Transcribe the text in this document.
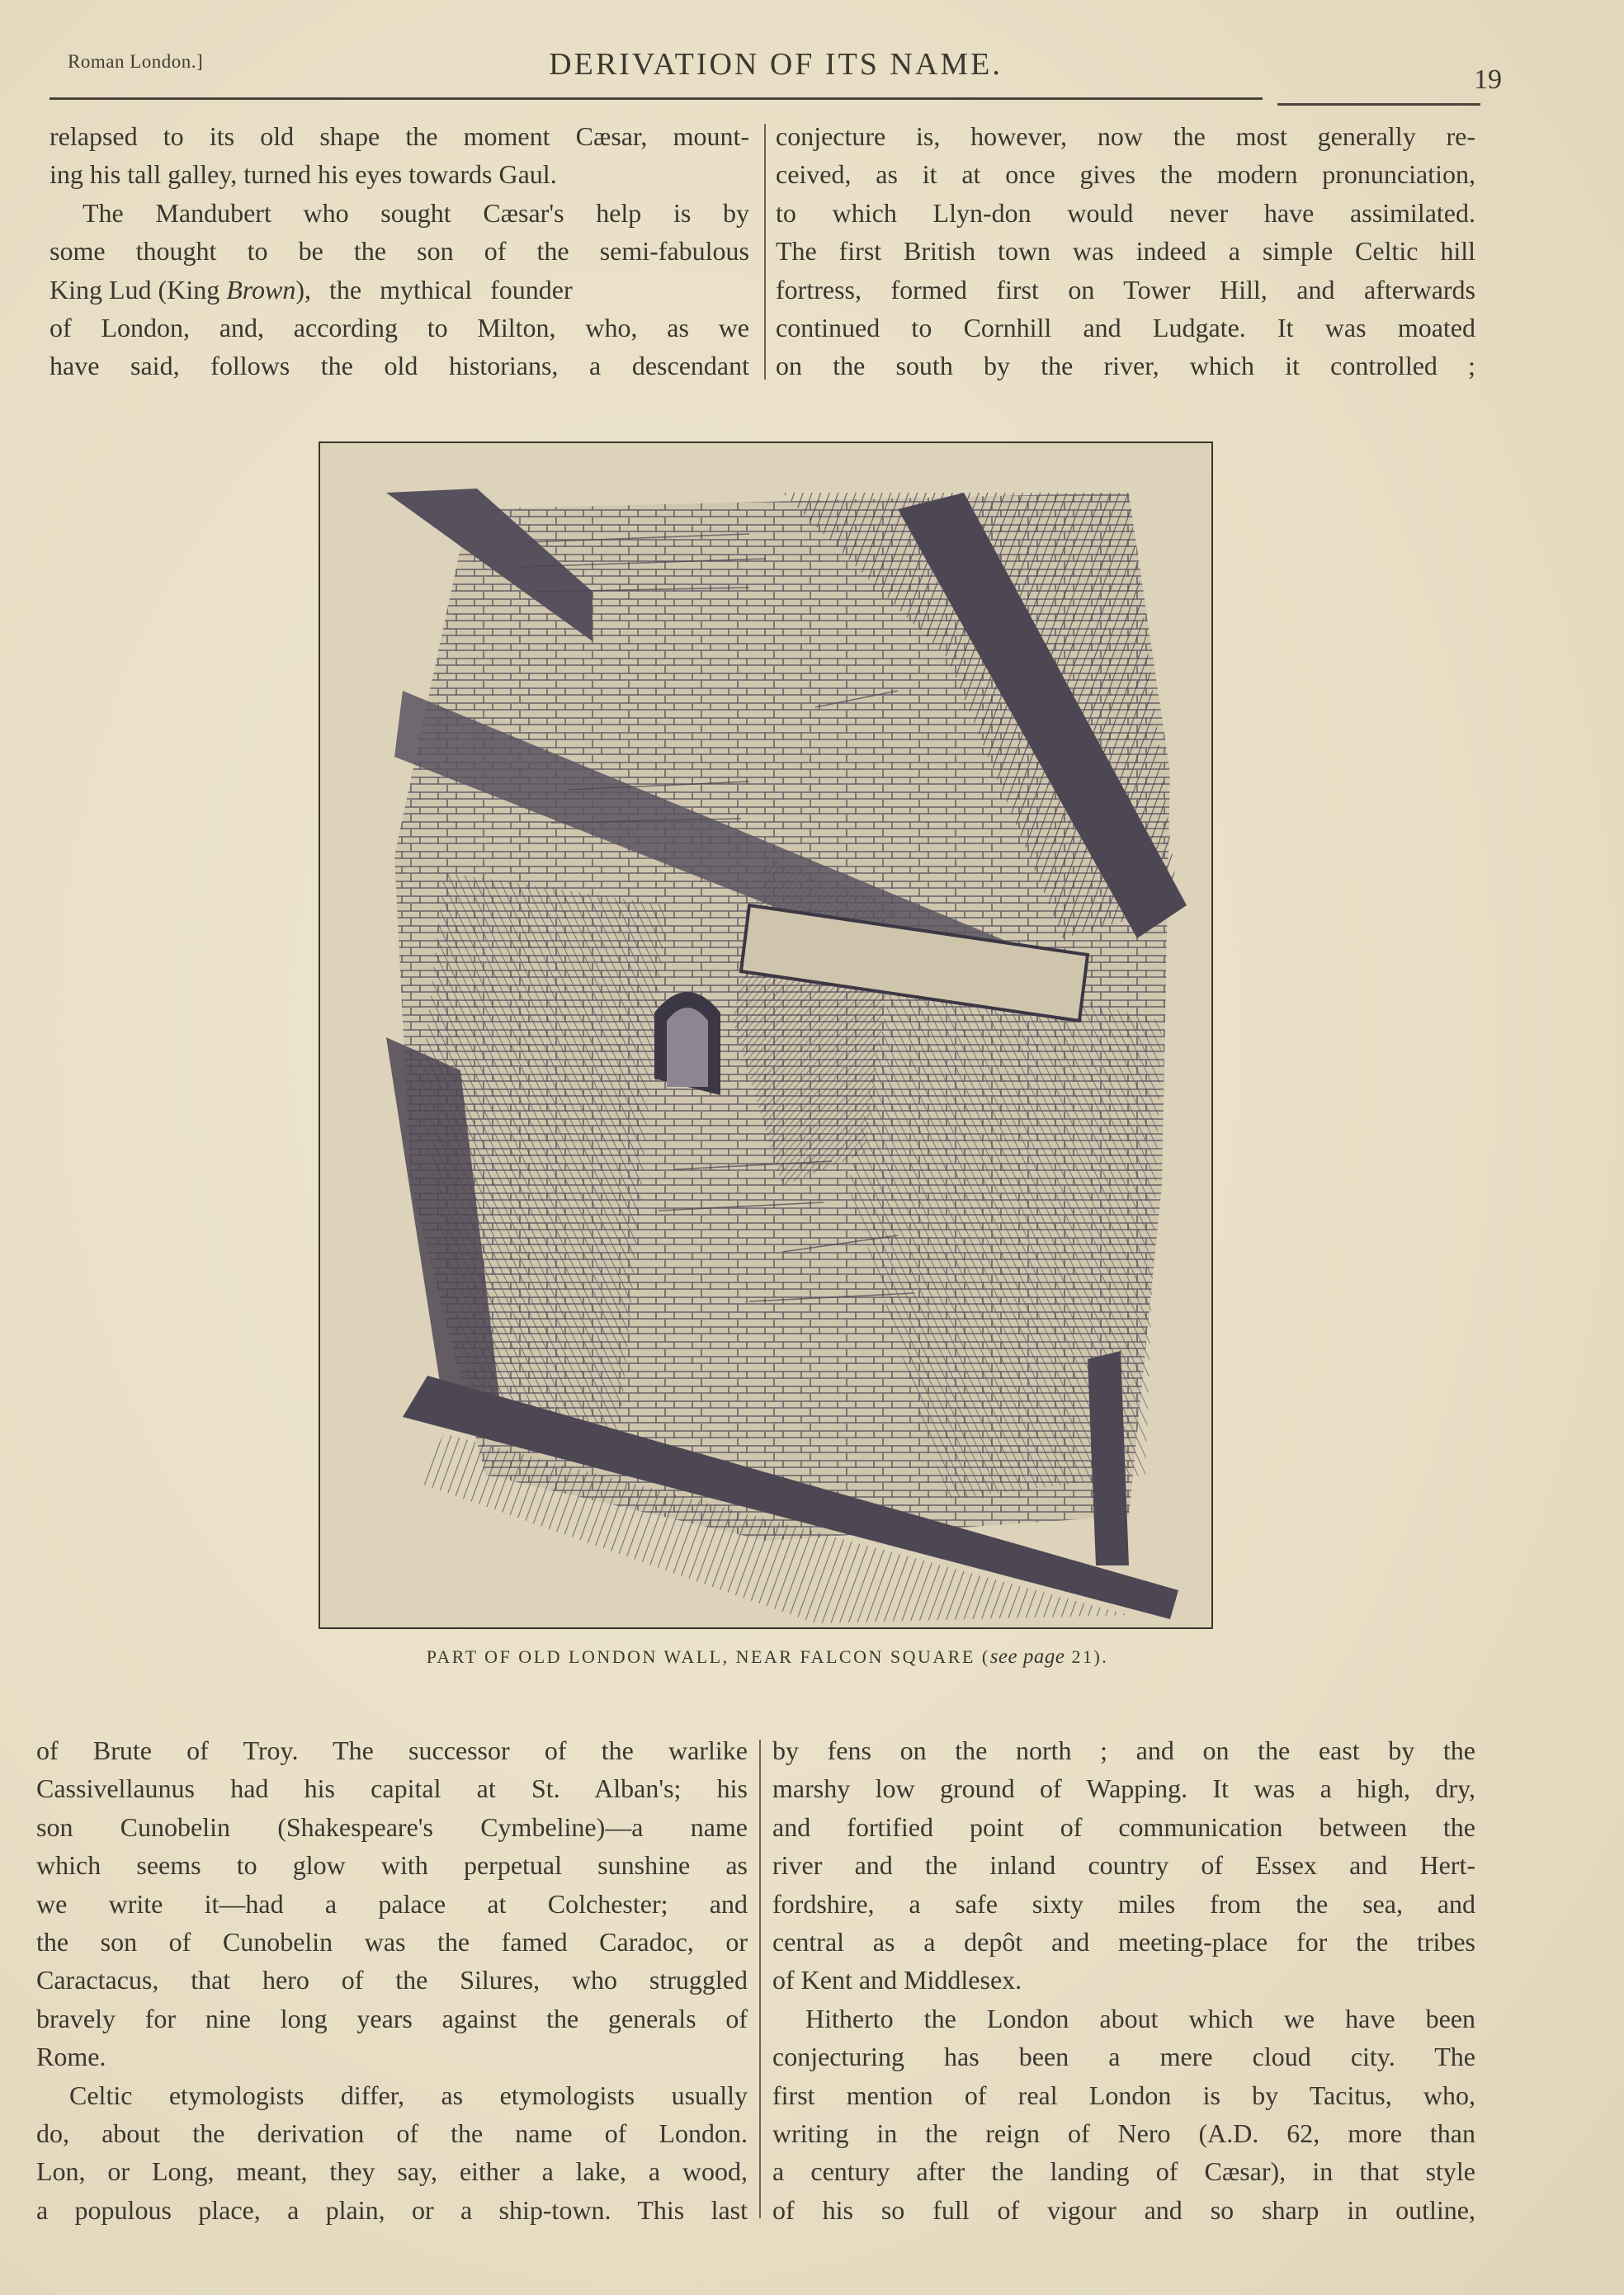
Roman London.]	DERIVATION OF ITS NAME.	19

relapsed to its old shape the moment Cæsar, mount-
ing his tall galley, turned his eyes towards Gaul.

The Mandubert who sought Cæsar's help is by
some thought to be the son of the semi-fabulous
King Lud (King Brown), the mythical founder
of London, and, according to Milton, who, as we
have said, follows the old historians, a descendant

conjecture is, however, now the most generally re-
ceived, as it at once gives the modern pronunciation,
to which Llyn-don would never have assimilated.
The first British town was indeed a simple Celtic hill
fortress, formed first on Tower Hill, and afterwards
continued to Cornhill and Ludgate. It was moated
on the south by the river, which it controlled ;

PART OF OLD LONDON WALL, NEAR FALCON SQUARE (see page 21).

of Brute of Troy. The successor of the warlike
Cassivellaunus had his capital at St. Alban's; his
son Cunobelin (Shakespeare's Cymbeline)—a name
which seems to glow with perpetual sunshine as
we write it—had a palace at Colchester; and
the son of Cunobelin was the famed Caradoc, or
Caractacus, that hero of the Silures, who struggled
bravely for nine long years against the generals of
Rome.

Celtic etymologists differ, as etymologists usually
do, about the derivation of the name of London.
Lon, or Long, meant, they say, either a lake, a wood,
a populous place, a plain, or a ship-town. This last

by fens on the north ; and on the east by the
marshy low ground of Wapping. It was a high, dry,
and fortified point of communication between the
river and the inland country of Essex and Hert-
fordshire, a safe sixty miles from the sea, and
central as a depôt and meeting-place for the tribes
of Kent and Middlesex.

Hitherto the London about which we have been
conjecturing has been a mere cloud city. The
first mention of real London is by Tacitus, who,
writing in the reign of Nero (A.D. 62, more than
a century after the landing of Cæsar), in that style
of his so full of vigour and so sharp in outline,
